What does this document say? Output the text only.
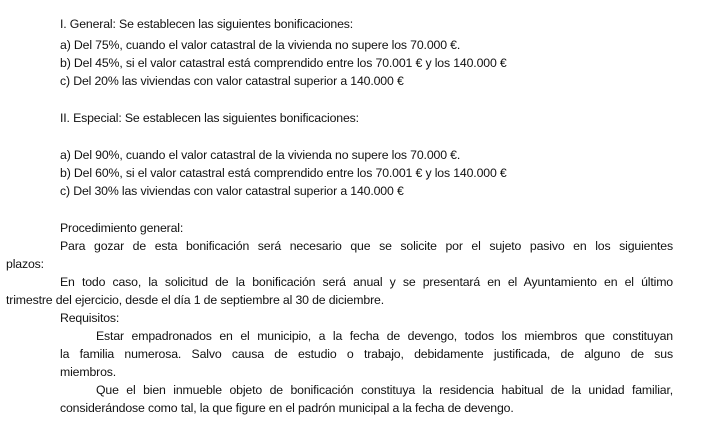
I. General: Se establecen las siguientes bonificaciones:
a) Del 75%, cuando el valor catastral de la vivienda no supere los 70.000 €.
b) Del 45%, si el valor catastral está comprendido entre los 70.001 € y los 140.000 €
c) Del 20% las viviendas con valor catastral superior a 140.000 €
II. Especial: Se establecen las siguientes bonificaciones:
a) Del 90%, cuando el valor catastral de la vivienda no supere los 70.000 €.
b) Del 60%, si el valor catastral está comprendido entre los 70.001 € y los 140.000 €
c) Del 30% las viviendas con valor catastral superior a 140.000 €
Procedimiento general:
Para gozar de esta bonificación será necesario que se solicite por el sujeto pasivo en los siguientes
plazos:
En todo caso, la solicitud de la bonificación será anual y se presentará en el Ayuntamiento en el último
trimestre del ejercicio, desde el día 1 de septiembre al 30 de diciembre.
Requisitos:
Estar empadronados en el municipio, a la fecha de devengo, todos los miembros que constituyan
la familia numerosa. Salvo causa de estudio o trabajo, debidamente justificada, de alguno de sus
miembros.
Que el bien inmueble objeto de bonificación constituya la residencia habitual de la unidad familiar,
considerándose como tal, la que figure en el padrón municipal a la fecha de devengo.
